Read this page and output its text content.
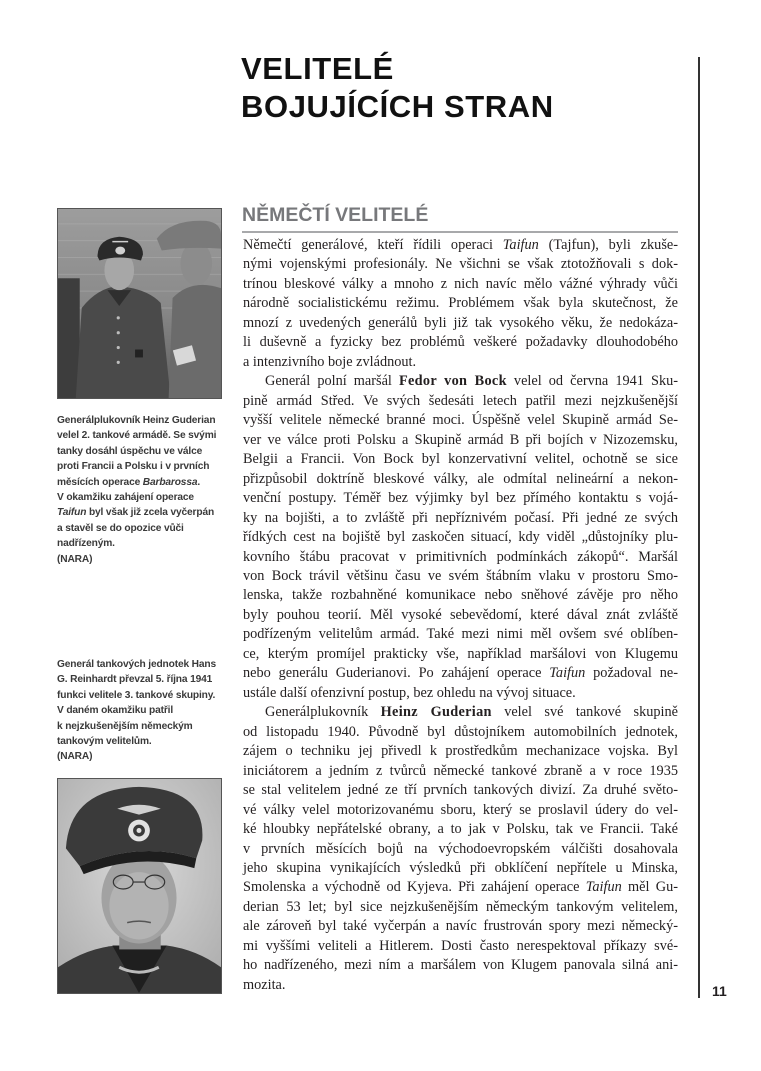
VELITELÉ
BOJUJÍCÍCH STRAN
11
NĚMEČTÍ VELITELÉ
Němečtí generálové, kteří řídili operaci Taifun (Tajfun), byli zkuše-
nými vojenskými profesionály. Ne všichni se však ztotožňovali s dok-
trínou bleskové války a mnoho z nich navíc mělo vážné výhrady vůči
národně socialistickému režimu. Problémem však byla skutečnost, že
mnozí z uvedených generálů byli již tak vysokého věku, že nedokáza-
li duševně a fyzicky bez problémů veškeré požadavky dlouhodobého
a intenzivního boje zvládnout.
Generál polní maršál Fedor von Bock velel od června 1941 Sku-
pině armád Střed. Ve svých šedesáti letech patřil mezi nejzkušenější
vyšší velitele německé branné moci. Úspěšně velel Skupině armád Se-
ver ve válce proti Polsku a Skupině armád B při bojích v Nizozemsku,
Belgii a Francii. Von Bock byl konzervativní velitel, ochotně se sice
přizpůsobil doktríně bleskové války, ale odmítal nelineární a nekon-
venční postupy. Téměř bez výjimky byl bez přímého kontaktu s vojá-
ky na bojišti, a to zvláště při nepříznivém počasí. Při jedné ze svých
řídkých cest na bojiště byl zaskočen situací, kdy viděl „důstojníky plu-
kovního štábu pracovat v primitivních podmínkách zákopů“. Maršál
von Bock trávil většinu času ve svém štábním vlaku v prostoru Smo-
lenska, takže rozbahněné komunikace nebo sněhové závěje pro něho
byly pouhou teorií. Měl vysoké sebevědomí, které dával znát zvláště
podřízeným velitelům armád. Také mezi nimi měl ovšem své oblíben-
ce, kterým promíjel prakticky vše, například maršálovi von Klugemu
nebo generálu Guderianovi. Po zahájení operace Taifun požadoval ne-
ustále další ofenzivní postup, bez ohledu na vývoj situace.
Generálplukovník Heinz Guderian velel své tankové skupině
od listopadu 1940. Původně byl důstojníkem automobilních jednotek,
zájem o techniku jej přivedl k prostředkům mechanizace vojska. Byl
iniciátorem a jedním z tvůrců německé tankové zbraně a v roce 1935
se stal velitelem jedné ze tří prvních tankových divizí. Za druhé světo-
vé války velel motorizovanému sboru, který se proslavil údery do vel-
ké hloubky nepřátelské obrany, a to jak v Polsku, tak ve Francii. Také
v prvních měsících bojů na východoevropském válčišti dosahovala
jeho skupina vynikajících výsledků při obklíčení nepřítele u Minska,
Smolenska a východně od Kyjeva. Při zahájení operace Taifun měl Gu-
derian 53 let; byl sice nejzkušenějším německým tankovým velitelem,
ale zároveň byl také vyčerpán a navíc frustrován spory mezi německý-
mi vyššími veliteli a Hitlerem. Dosti často nerespektoval příkazy své-
ho nadřízeného, mezi ním a maršálem von Klugem panovala silná ani-
mozita.
Generálplukovník Heinz Guderian
velel 2. tankové armádě. Se svými
tanky dosáhl úspěchu ve válce
proti Francii a Polsku i v prvních
měsících operace Barbarossa.
V okamžiku zahájení operace
Taifun byl však již zcela vyčerpán
a stavěl se do opozice vůči
nadřízeným.
(NARA)
Generál tankových jednotek Hans
G. Reinhardt převzal 5. října 1941
funkci velitele 3. tankové skupiny.
V daném okamžiku patřil
k nejzkušenějším německým
tankovým velitelům.
(NARA)
